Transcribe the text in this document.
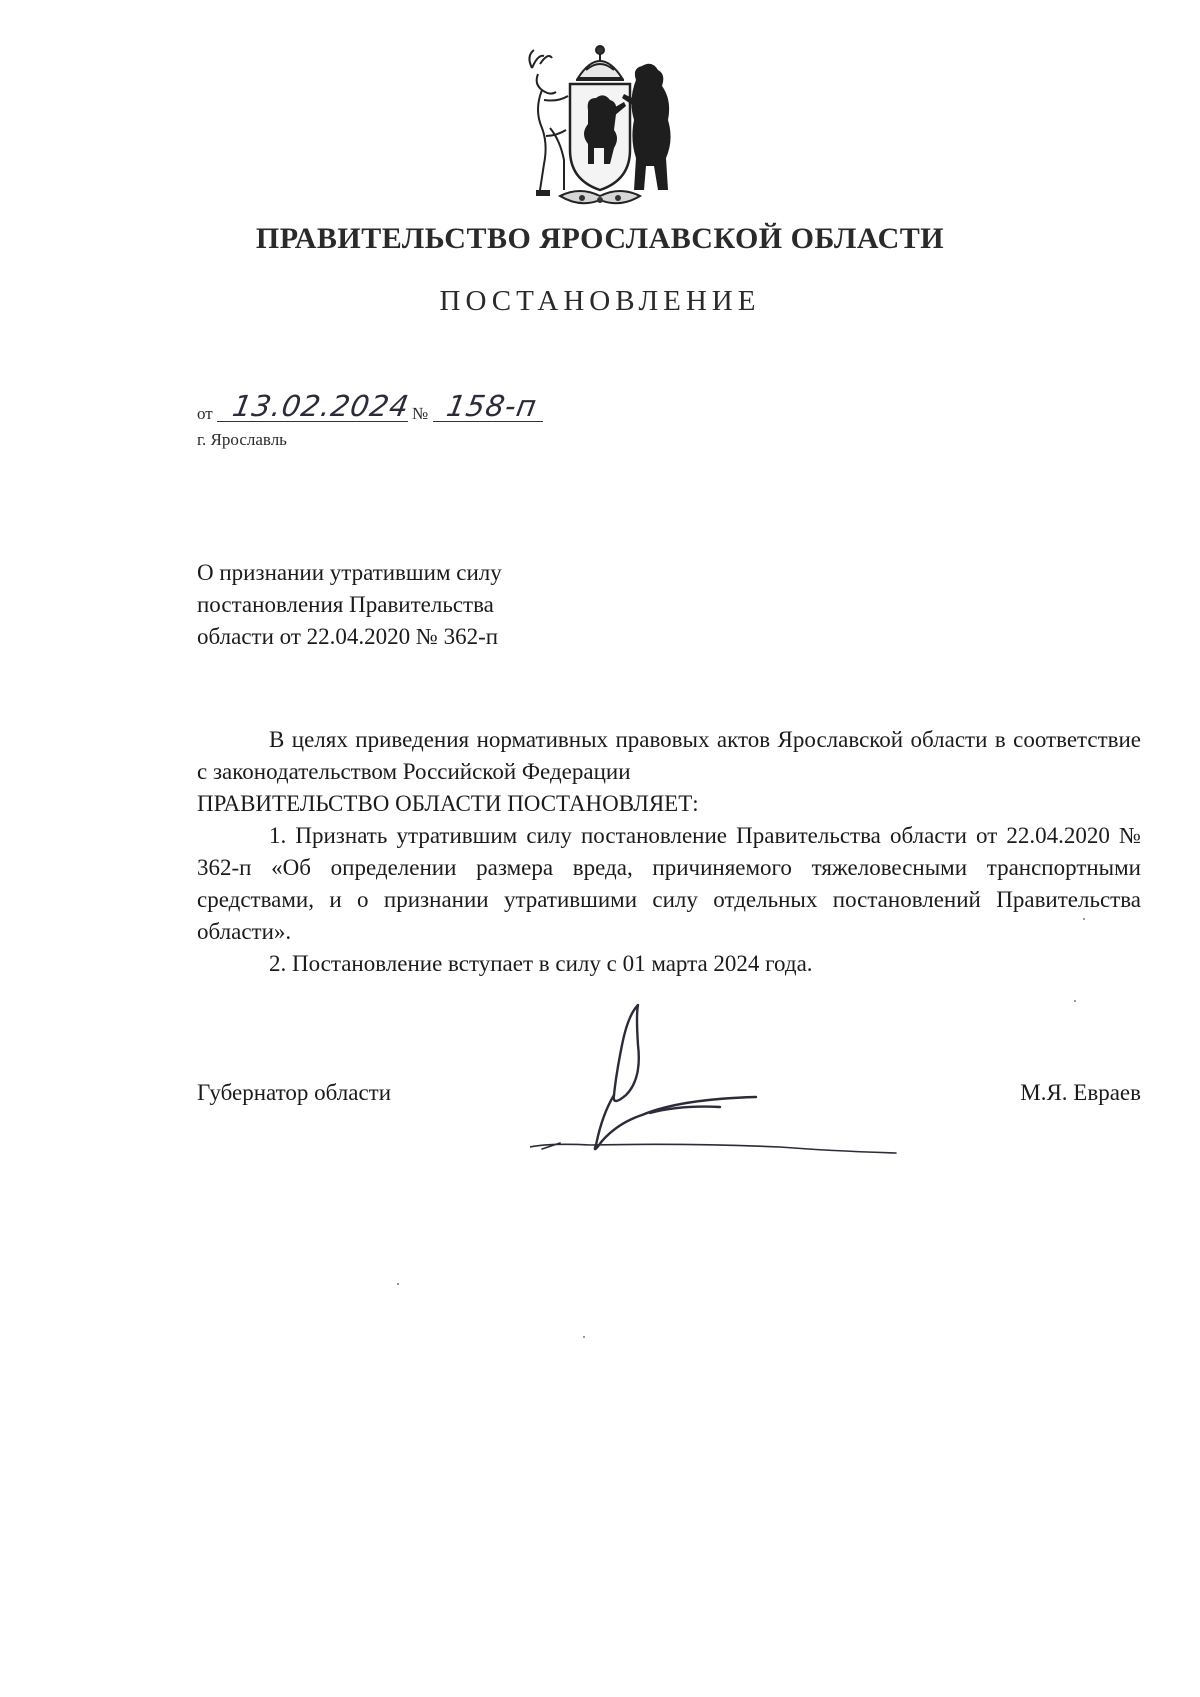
ПРАВИТЕЛЬСТВО ЯРОСЛАВСКОЙ ОБЛАСТИ
ПОСТАНОВЛЕНИЕ
от 13.02.2024 № 158-п
г. Ярославль
О признании утратившим силу
постановления Правительства
области от 22.04.2020 № 362-п
В целях приведения нормативных правовых актов Ярославской области в соответствие с законодательством Российской Федерации
ПРАВИТЕЛЬСТВО ОБЛАСТИ ПОСТАНОВЛЯЕТ:
1. Признать утратившим силу постановление Правительства области от 22.04.2020 № 362-п «Об определении размера вреда, причиняемого тяжеловесными транспортными средствами, и о признании утратившими силу отдельных постановлений Правительства области».
2. Постановление вступает в силу с 01 марта 2024 года.
Губернатор области	М.Я. Евраев
